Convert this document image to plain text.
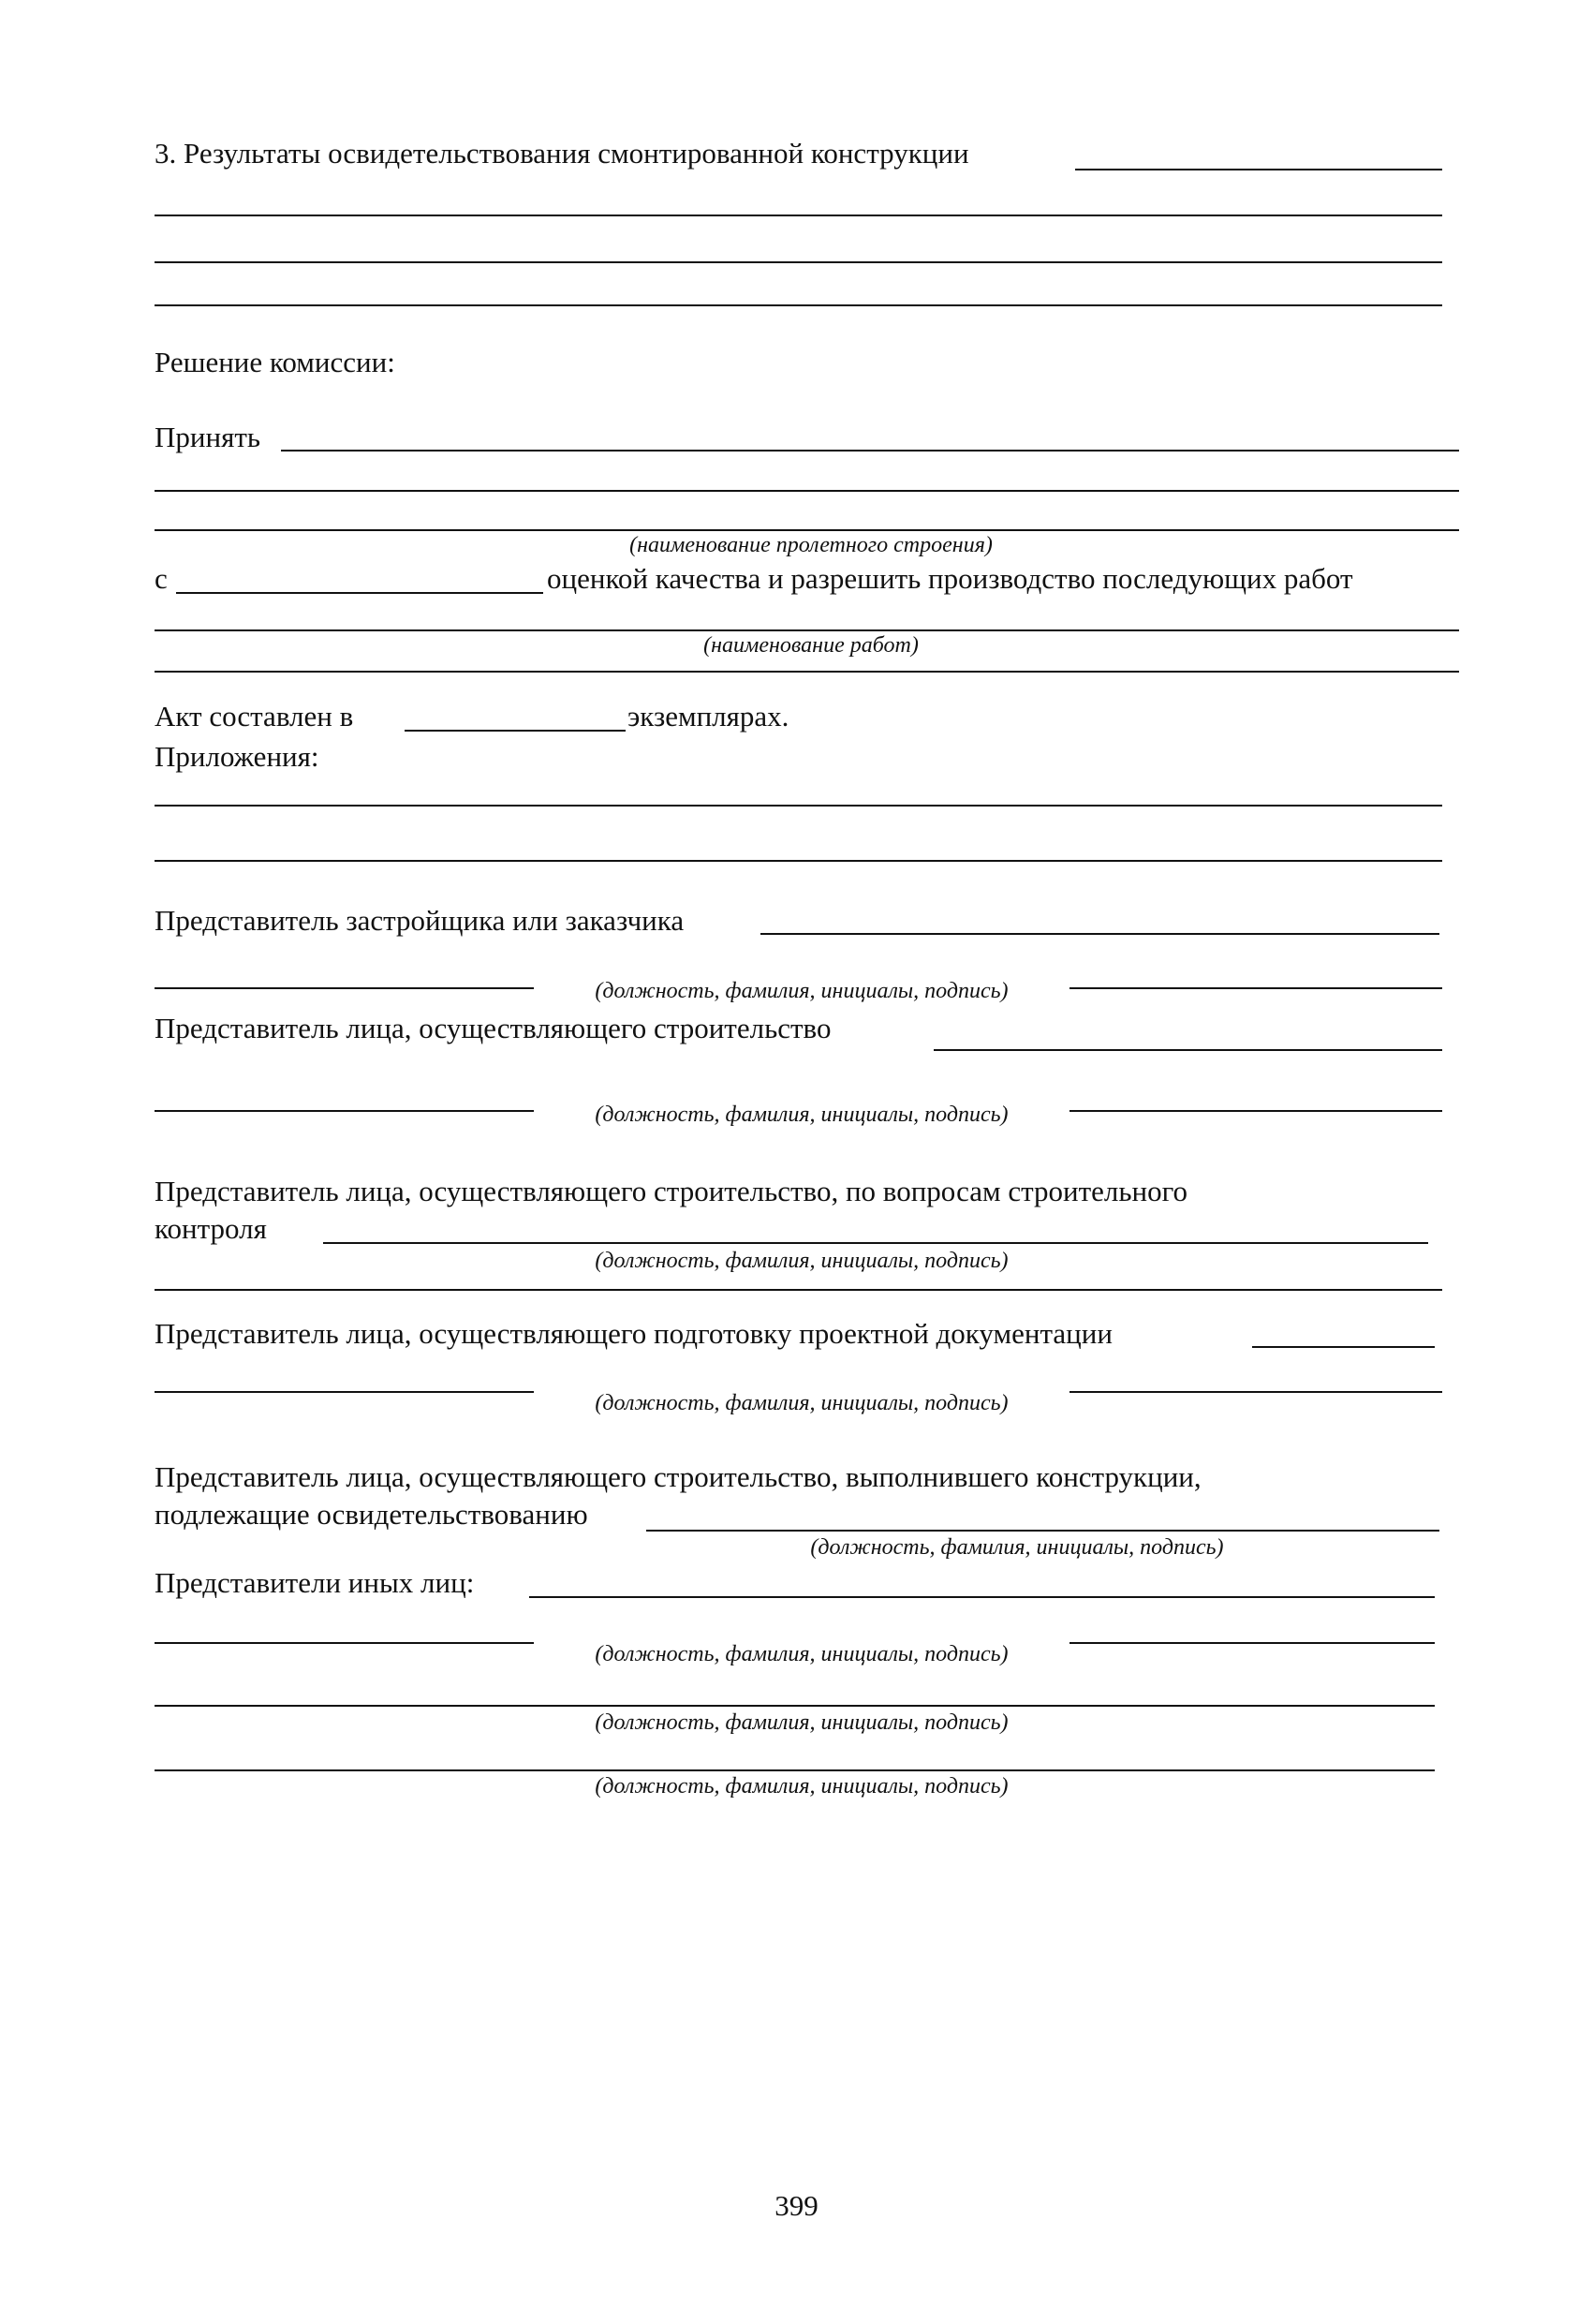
3. Результаты освидетельствования смонтированной конструкции
Решение комиссии:
Принять
(наименование пролетного строения)
с	оценкой качества и разрешить производство последующих работ
(наименование работ)
Акт составлен в	экземплярах.
Приложения:
Представитель застройщика или заказчика
(должность, фамилия, инициалы, подпись)
Представитель лица, осуществляющего строительство
(должность, фамилия, инициалы, подпись)
Представитель лица, осуществляющего строительство, по вопросам строительного
контроля
(должность, фамилия, инициалы, подпись)
Представитель лица, осуществляющего подготовку проектной документации
(должность, фамилия, инициалы, подпись)
Представитель лица, осуществляющего строительство, выполнившего конструкции,
подлежащие освидетельствованию
(должность, фамилия, инициалы, подпись)
Представители иных лиц:
(должность, фамилия, инициалы, подпись)
(должность, фамилия, инициалы, подпись)
(должность, фамилия, инициалы, подпись)
399
